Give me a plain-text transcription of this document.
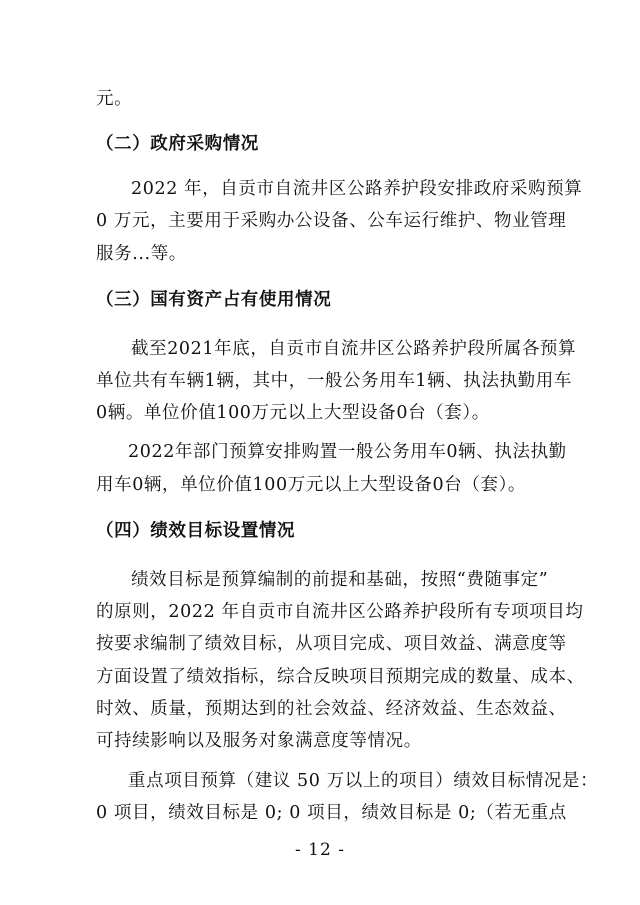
元。
（二）政府采购情况
2022 年，自贡市自流井区公路养护段安排政府采购预算
0 万元，主要用于采购办公设备、公车运行维护、物业管理
服务...等。
（三）国有资产占有使用情况
截至2021年底，自贡市自流井区公路养护段所属各预算
单位共有车辆1辆，其中，一般公务用车1辆、执法执勤用车
0辆。单位价值100万元以上大型设备0台（套）。
2022年部门预算安排购置一般公务用车0辆、执法执勤
用车0辆，单位价值100万元以上大型设备0台（套）。
（四）绩效目标设置情况
绩效目标是预算编制的前提和基础，按照“费随事定”
的原则，2022 年自贡市自流井区公路养护段所有专项项目均
按要求编制了绩效目标，从项目完成、项目效益、满意度等
方面设置了绩效指标，综合反映项目预期完成的数量、成本、
时效、质量，预期达到的社会效益、经济效益、生态效益、
可持续影响以及服务对象满意度等情况。
重点项目预算（建议 50 万以上的项目）绩效目标情况是：
0 项目，绩效目标是 0; 0 项目，绩效目标是 0;（若无重点
- 12 -
